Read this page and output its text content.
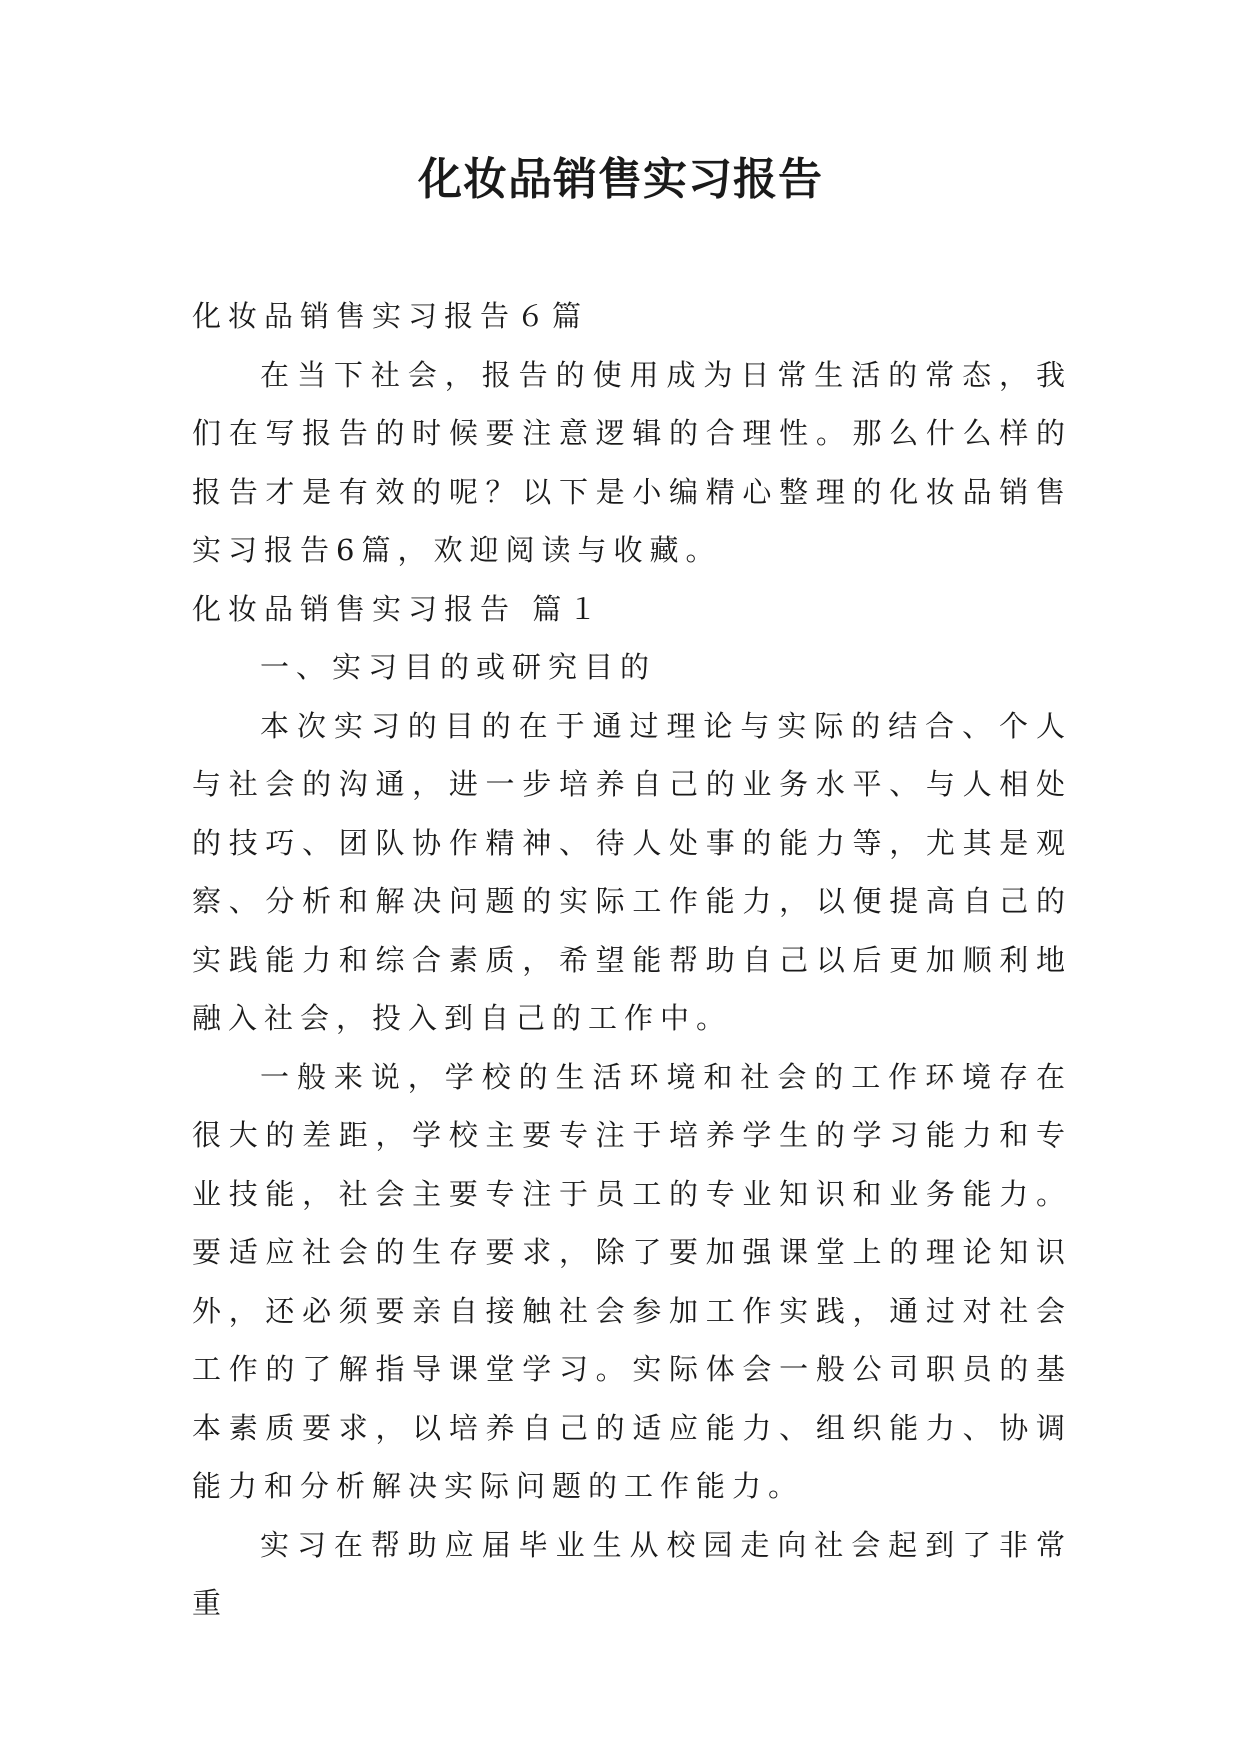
化妆品销售实习报告

化妆品销售实习报告６篇

在当下社会，报告的使用成为日常生活的常态，我们在写报告的时候要注意逻辑的合理性。那么什么样的报告才是有效的呢？以下是小编精心整理的化妆品销售实习报告6篇，欢迎阅读与收藏。

化妆品销售实习报告 篇１

一、实习目的或研究目的

本次实习的目的在于通过理论与实际的结合、个人与社会的沟通，进一步培养自己的业务水平、与人相处的技巧、团队协作精神、待人处事的能力等，尤其是观察、分析和解决问题的实际工作能力，以便提高自己的实践能力和综合素质，希望能帮助自己以后更加顺利地融入社会，投入到自己的工作中。

一般来说，学校的生活环境和社会的工作环境存在很大的差距，学校主要专注于培养学生的学习能力和专业技能，社会主要专注于员工的专业知识和业务能力。要适应社会的生存要求，除了要加强课堂上的理论知识外，还必须要亲自接触社会参加工作实践，通过对社会工作的了解指导课堂学习。实际体会一般公司职员的基本素质要求，以培养自己的适应能力、组织能力、协调能力和分析解决实际问题的工作能力。

实习在帮助应届毕业生从校园走向社会起到了非常重
